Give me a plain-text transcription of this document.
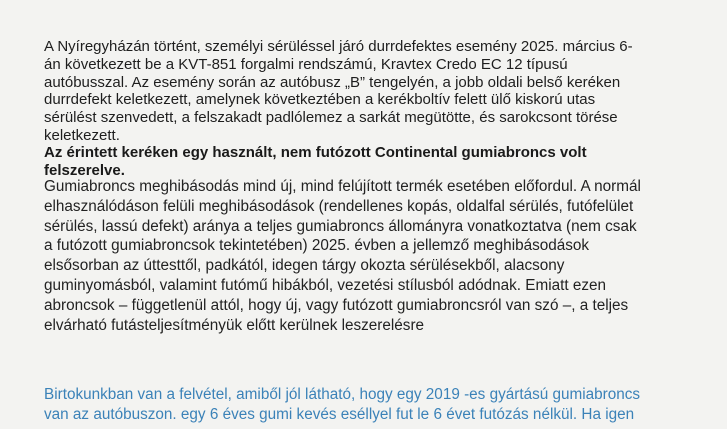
A Nyíregyházán történt, személyi sérüléssel járó durrdefektes esemény 2025. március 6-
án következett be a KVT-851 forgalmi rendszámú, Kravtex Credo EC 12 típusú
autóbusszal. Az esemény során az autóbusz „B” tengelyén, a jobb oldali belső keréken
durrdefekt keletkezett, amelynek következtében a kerékboltív felett ülő kiskorú utas
sérülést szenvedett, a felszakadt padlólemez a sarkát megütötte, és sarokcsont törése
keletkezett.
Az érintett keréken egy használt, nem futózott Continental gumiabroncs volt
felszerelve.
Gumiabroncs meghibásodás mind új, mind felújított termék esetében előfordul. A normál
elhasználódáson felüli meghibásodások (rendellenes kopás, oldalfal sérülés, futófelület
sérülés, lassú defekt) aránya a teljes gumiabroncs állományra vonatkoztatva (nem csak
a futózott gumiabroncsok tekintetében) 2025. évben a jellemző meghibásodások
elsősorban az úttesttől, padkától, idegen tárgy okozta sérülésekből, alacsony
guminyomásból, valamint futómű hibákból, vezetési stílusból adódnak. Emiatt ezen
abroncsok – függetlenül attól, hogy új, vagy futózott gumiabroncsról van szó –, a teljes
elvárható futásteljesítményük előtt kerülnek leszerelésre
Birtokunkban van a felvétel, amiből jól látható, hogy egy 2019 -es gyártású gumiabroncs
van az autóbuszon. egy 6 éves gumi kevés eséllyel fut le 6 évet futózás nélkül. Ha igen
